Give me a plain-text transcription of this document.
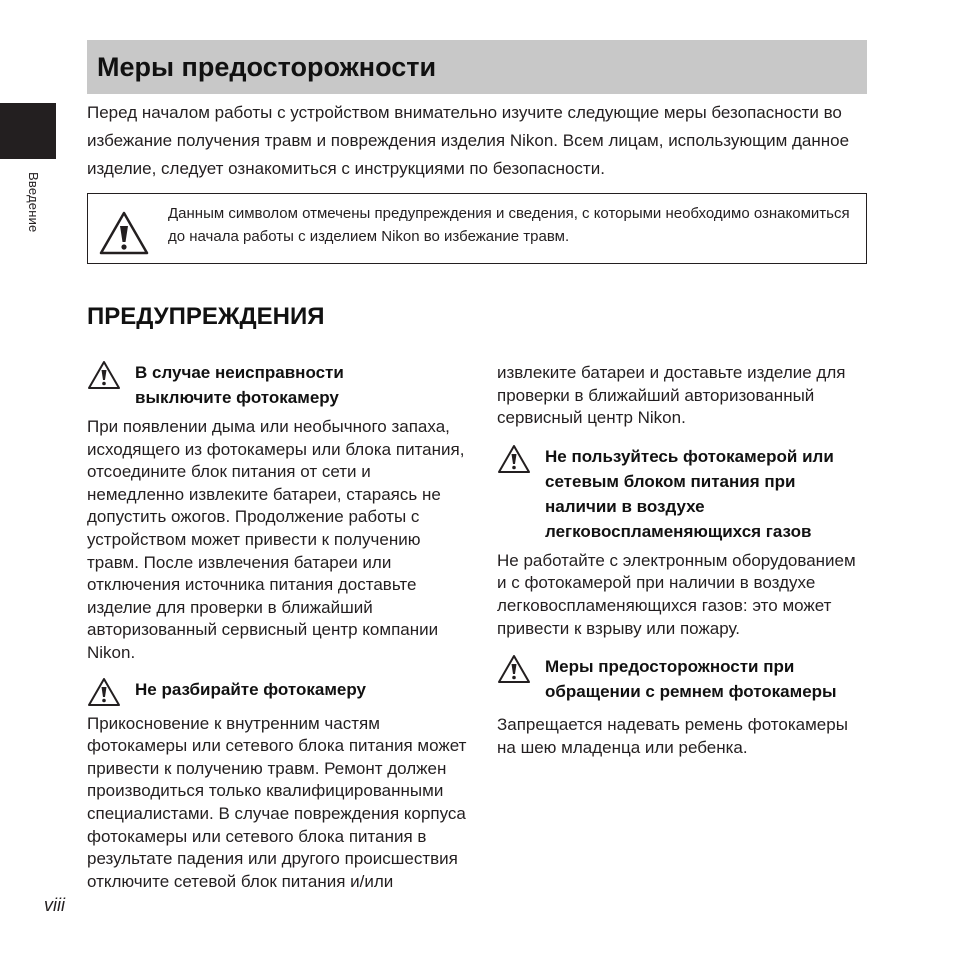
Введение
Меры предосторожности

Перед началом работы с устройством внимательно изучите следующие меры безопасности во избежание получения травм и повреждения изделия Nikon. Всем лицам, использующим данное изделие, следует ознакомиться с инструкциями по безопасности.

Данным символом отмечены предупреждения и сведения, с которыми необходимо ознакомиться до начала работы с изделием Nikon во избежание травм.

ПРЕДУПРЕЖДЕНИЯ
В случае неисправности выключите фотокамеру

При появлении дыма или необычного запаха, исходящего из фотокамеры или блока питания, отсоедините блок питания от сети и немедленно извлеките батареи, стараясь не допустить ожогов. Продолжение работы с устройством может привести к получению травм. После извлечения батареи или отключения источника питания доставьте изделие для проверки в ближайший авторизованный сервисный центр компании Nikon.

Не разбирайте фотокамеру

Прикосновение к внутренним частям фотокамеры или сетевого блока питания может привести к получению травм. Ремонт должен производиться только квалифицированными специалистами. В случае повреждения корпуса фотокамеры или сетевого блока питания в результате падения или другого происшествия отключите сетевой блок питания и/или

извлеките батареи и доставьте изделие для проверки в ближайший авторизованный сервисный центр Nikon.

Не пользуйтесь фотокамерой или сетевым блоком питания при наличии в воздухе легковоспламеняющихся газов

Не работайте с электронным оборудованием и с фотокамерой при наличии в воздухе легковоспламеняющихся газов: это может привести к взрыву или пожару.

Меры предосторожности при обращении с ремнем фотокамеры

Запрещается надевать ремень фотокамеры на шею младенца или ребенка.

viii
